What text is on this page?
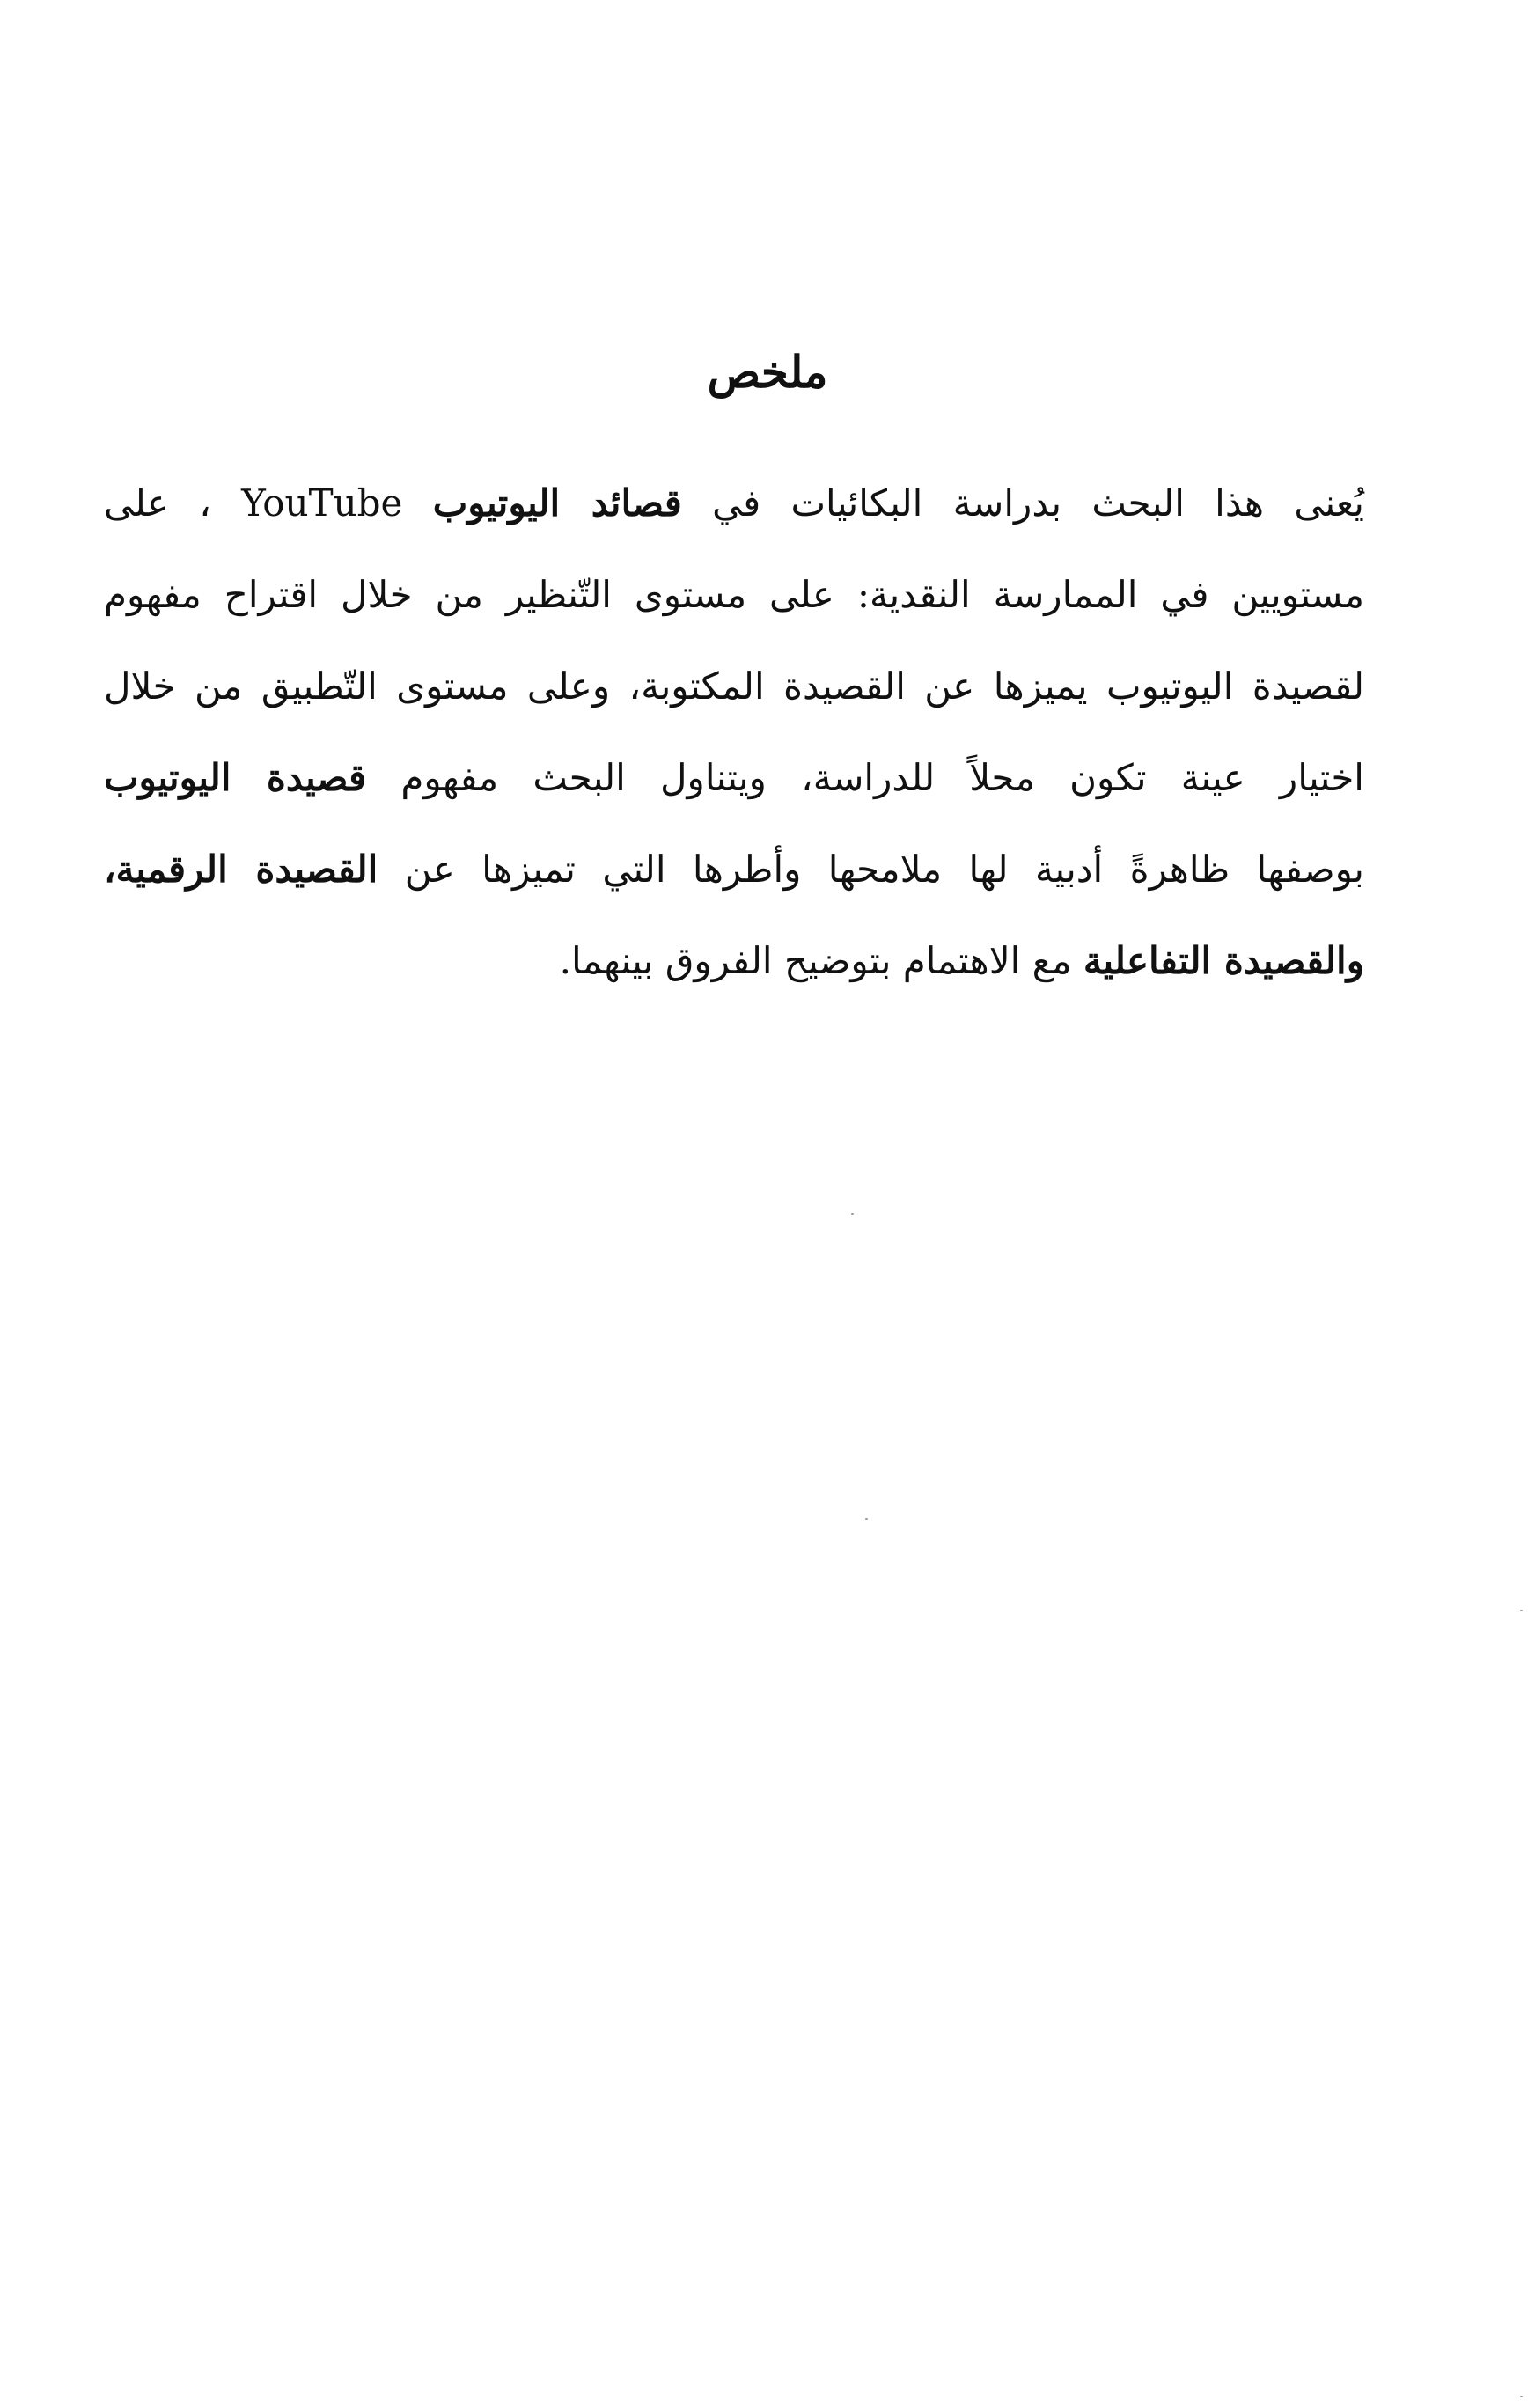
ملخص
يُعنى هذا البحث بدراسة البكائيات في قصائد اليوتيوب YouTube ، على
مستويين في الممارسة النقدية: على مستوى التّنظير من خلال اقتراح مفهوم
لقصيدة اليوتيوب يميزها عن القصيدة المكتوبة، وعلى مستوى التّطبيق من خلال
اختيار عينة تكون محلاً للدراسة، ويتناول البحث مفهوم قصيدة اليوتيوب
بوصفها ظاهرةً أدبية لها ملامحها وأطرها التي تميزها عن القصيدة الرقمية،
والقصيدة التفاعلية مع الاهتمام بتوضيح الفروق بينهما.
